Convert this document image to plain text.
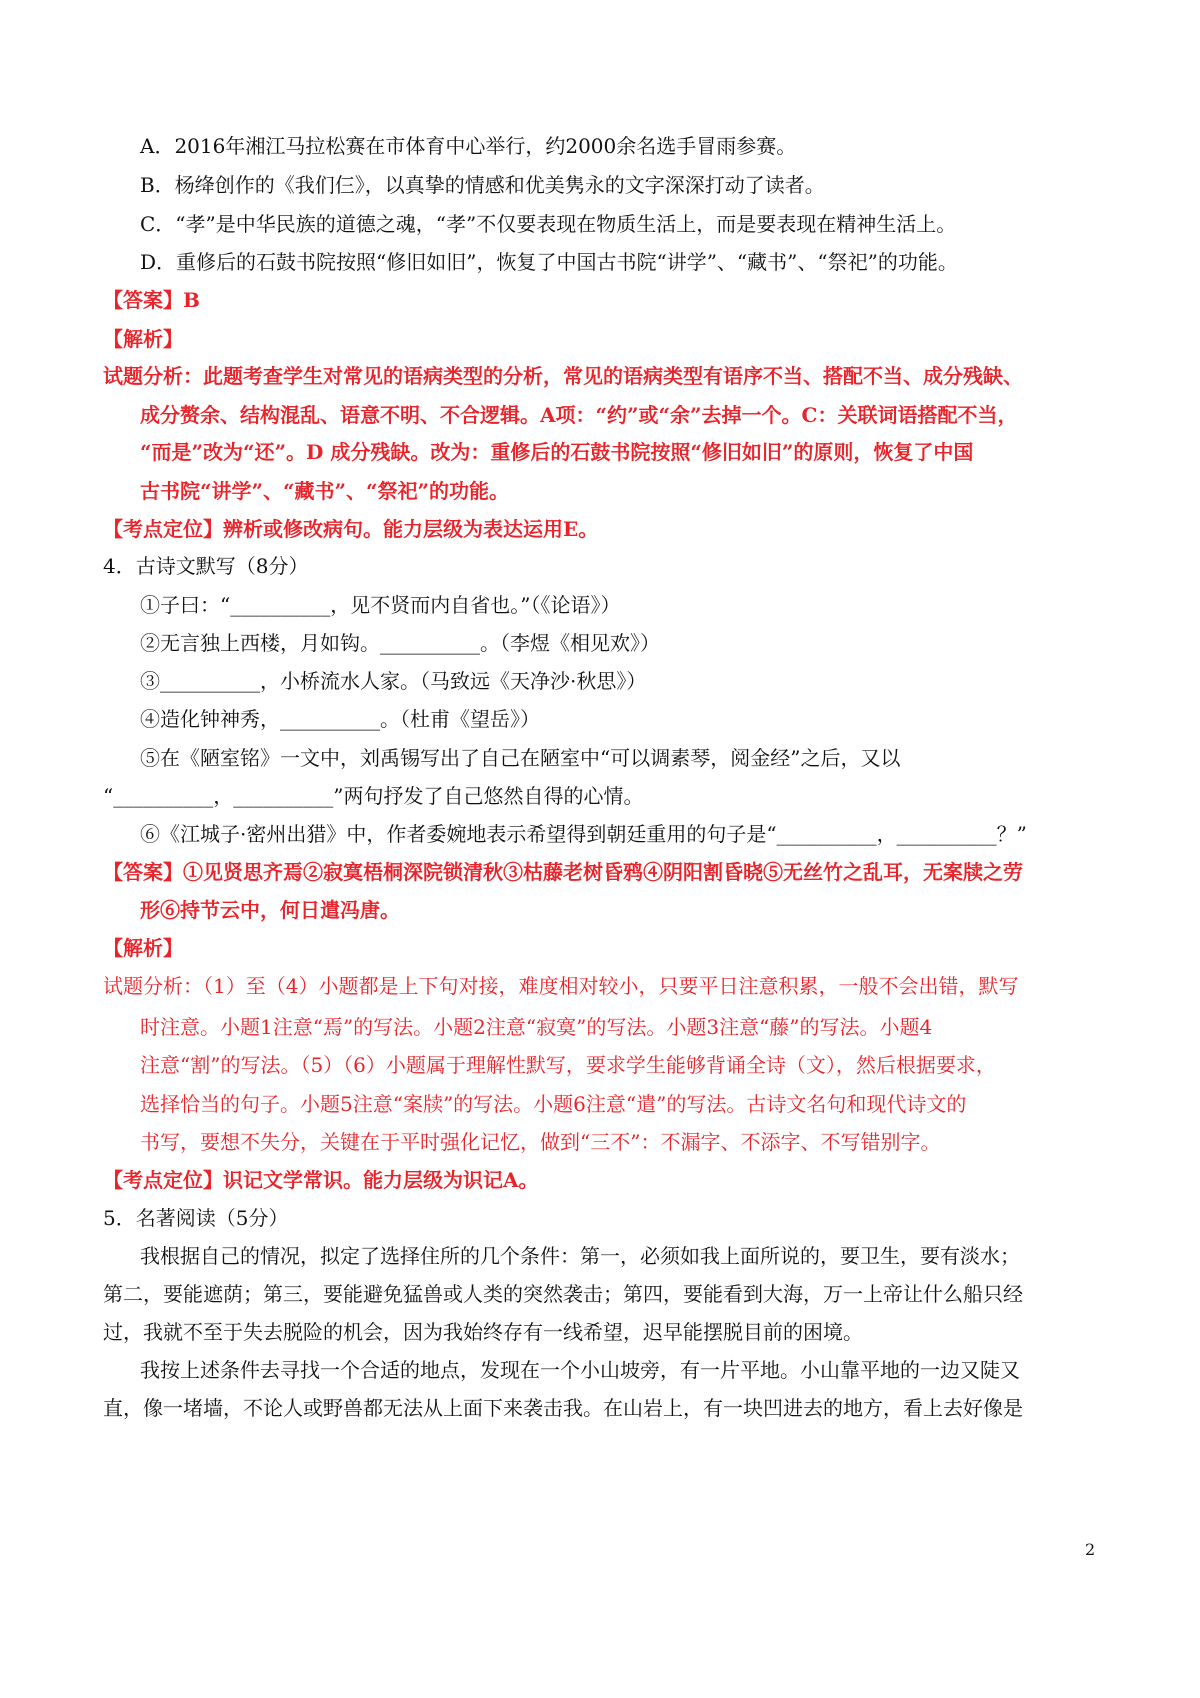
A．2016年湘江马拉松赛在市体育中心举行，约2000余名选手冒雨参赛。
B．杨绛创作的《我们仨》，以真挚的情感和优美隽永的文字深深打动了读者。
C．“孝”是中华民族的道德之魂，“孝”不仅要表现在物质生活上，而是要表现在精神生活上。
D．重修后的石鼓书院按照“修旧如旧”，恢复了中国古书院“讲学”、“藏书”、“祭祀”的功能。
【答案】B
【解析】
试题分析：此题考查学生对常见的语病类型的分析，常见的语病类型有语序不当、搭配不当、成分残缺、
成分赘余、结构混乱、语意不明、不合逻辑。A项：“约”或“余”去掉一个。C：关联词语搭配不当，
“而是”改为“还”。D 成分残缺。改为：重修后的石鼓书院按照“修旧如旧”的原则，恢复了中国
古书院“讲学”、“藏书”、“祭祀”的功能。
【考点定位】辨析或修改病句。能力层级为表达运用E。
4．古诗文默写（8分）
①子曰：“__________，见不贤而内自省也。”（《论语》）
②无言独上西楼，月如钩。__________。（李煜《相见欢》）
③__________，小桥流水人家。（马致远《天净沙·秋思》）
④造化钟神秀，__________。（杜甫《望岳》）
⑤在《陋室铭》一文中，刘禹锡写出了自己在陋室中“可以调素琴，阅金经”之后，又以
“__________，__________”两句抒发了自己悠然自得的心情。
⑥《江城子·密州出猎》中，作者委婉地表示希望得到朝廷重用的句子是“__________，__________？”
【答案】①见贤思齐焉②寂寞梧桐深院锁清秋③枯藤老树昏鸦④阴阳割昏晓⑤无丝竹之乱耳，无案牍之劳
形⑥持节云中，何日遣冯唐。
【解析】
试题分析：（1）至（4）小题都是上下句对接，难度相对较小，只要平日注意积累，一般不会出错，默写
时注意。小题1注意“焉”的写法。小题2注意“寂寞”的写法。小题3注意“藤”的写法。小题4
注意“割”的写法。（5）（6）小题属于理解性默写，要求学生能够背诵全诗（文），然后根据要求，
选择恰当的句子。小题5注意“案牍”的写法。小题6注意“遣”的写法。古诗文名句和现代诗文的
书写，要想不失分，关键在于平时强化记忆，做到“三不”：不漏字、不添字、不写错别字。
【考点定位】识记文学常识。能力层级为识记A。
5．名著阅读（5分）
我根据自己的情况，拟定了选择住所的几个条件：第一，必须如我上面所说的，要卫生，要有淡水；
第二，要能遮荫；第三，要能避免猛兽或人类的突然袭击；第四，要能看到大海，万一上帝让什么船只经
过，我就不至于失去脱险的机会，因为我始终存有一线希望，迟早能摆脱目前的困境。
我按上述条件去寻找一个合适的地点，发现在一个小山坡旁，有一片平地。小山靠平地的一边又陡又
直，像一堵墙，不论人或野兽都无法从上面下来袭击我。在山岩上，有一块凹进去的地方，看上去好像是
2
